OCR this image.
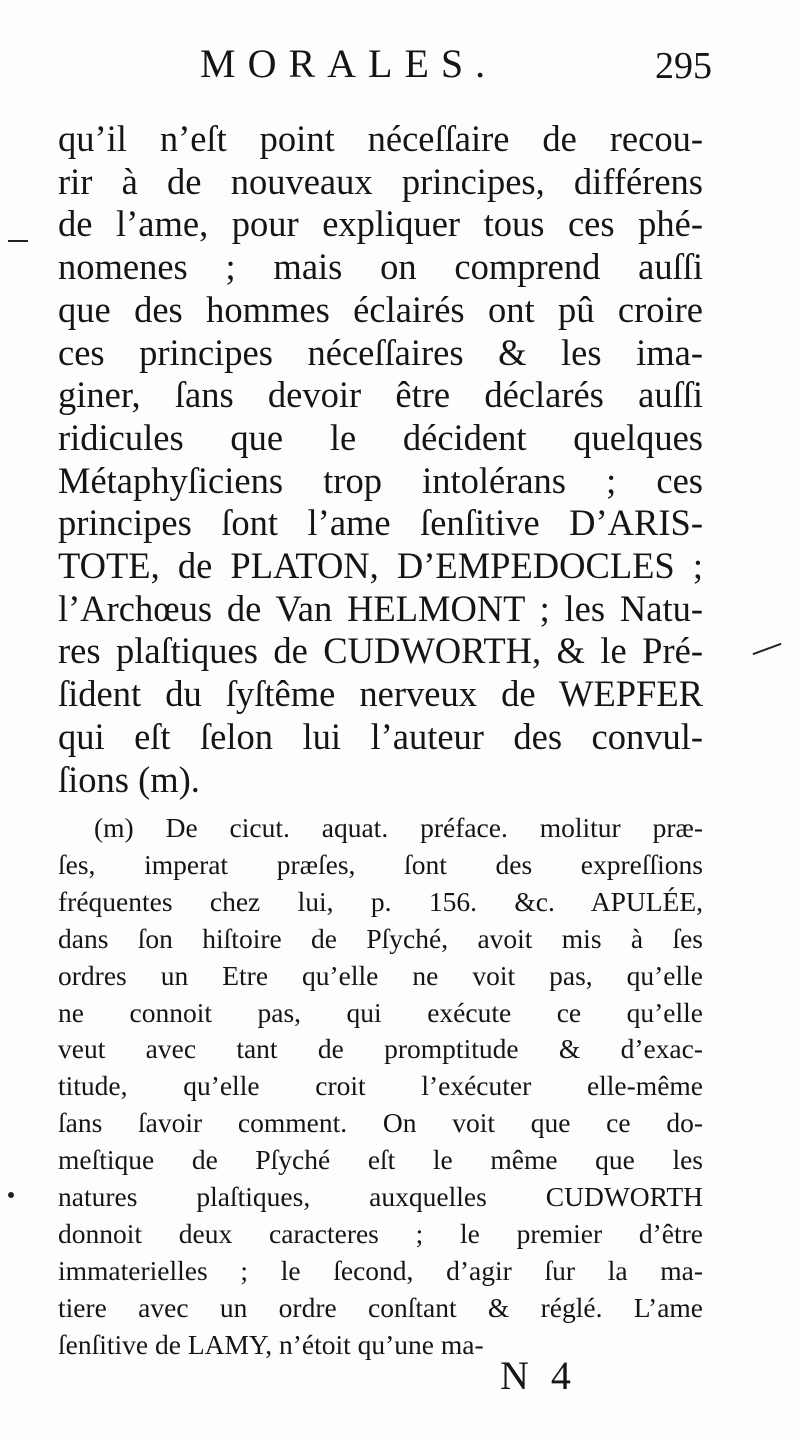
MORALES.	295
qu’il n’eſt point néceſſaire de recou-
rir à de nouveaux principes, différens
de l’ame, pour expliquer tous ces phé-
nomenes ; mais on comprend auſſi
que des hommes éclairés ont pû croire
ces principes néceſſaires & les ima-
giner, ſans devoir être déclarés auſſi
ridicules que le décident quelques
Métaphyſiciens trop intolérans ; ces
principes ſont l’ame ſenſitive D’ARIS-
TOTE, de PLATON, D’EMPEDOCLES ;
l’Archœus de Van HELMONT ; les Natu-
res plaſtiques de CUDWORTH, & le Pré-
ſident du ſyſtême nerveux de WEPFER
qui eſt ſelon lui l’auteur des convul-
ſions (m).
(m) De cicut. aquat. préface. molitur præ-
ſes, imperat præſes, ſont des expreſſions
fréquentes chez lui, p. 156. &c. APULÉE,
dans ſon hiſtoire de Pſyché, avoit mis à ſes
ordres un Etre qu’elle ne voit pas, qu’elle
ne connoit pas, qui exécute ce qu’elle
veut avec tant de promptitude & d’exac-
titude, qu’elle croit l’exécuter elle-même
ſans ſavoir comment. On voit que ce do-
meſtique de Pſyché eſt le même que les
natures plaſtiques, auxquelles CUDWORTH
donnoit deux caracteres ; le premier d’être
immaterielles ; le ſecond, d’agir ſur la ma-
tiere avec un ordre conſtant & réglé. L’ame
ſenſitive de LAMY, n’étoit qu’une ma-
N 4
